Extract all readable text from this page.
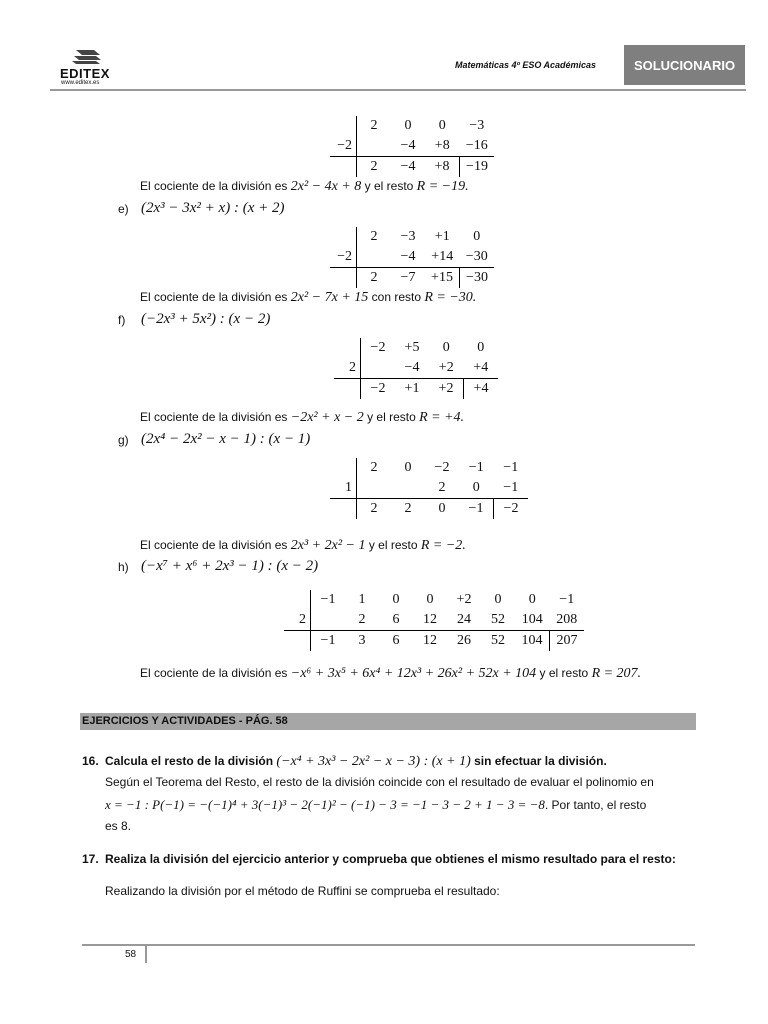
EDITEX
www.editex.es
Matemáticas 4º ESO Académicas	SOLUCIONARIO
	2	0	0	−3
−2		−4	+8	−16
	2	−4	+8	−19
El cociente de la división es 2x² − 4x + 8 y el resto R = −19.
e) (2x³ − 3x² + x) : (x + 2)
	2	−3	+1	0
−2		−4	+14	−30
	2	−7	+15	−30
El cociente de la división es 2x² − 7x + 15 con resto R = −30.
f) (−2x³ + 5x²) : (x − 2)
	−2	+5	0	0
2		−4	+2	+4
	−2	+1	+2	+4
El cociente de la división es −2x² + x − 2 y el resto R = +4.
g) (2x⁴ − 2x² − x − 1) : (x − 1)
	2	0	−2	−1	−1
1			2	0	−1
	2	2	0	−1	−2
El cociente de la división es 2x³ + 2x² − 1 y el resto R = −2.
h) (−x⁷ + x⁶ + 2x³ − 1) : (x − 2)
	−1	1	0	0	+2	0	0	−1
2		2	6	12	24	52	104	208
	−1	3	6	12	26	52	104	207
El cociente de la división es −x⁶ + 3x⁵ + 6x⁴ + 12x³ + 26x² + 52x + 104 y el resto R = 207.
EJERCICIOS Y ACTIVIDADES - PÁG. 58
16. Calcula el resto de la división (−x⁴ + 3x³ − 2x² − x − 3) : (x + 1) sin efectuar la división.
Según el Teorema del Resto, el resto de la división coincide con el resultado de evaluar el polinomio en
x = −1 : P(−1) = −(−1)⁴ + 3(−1)³ − 2(−1)² − (−1) − 3 = −1 − 3 − 2 + 1 − 3 = −8. Por tanto, el resto
es 8.
17. Realiza la división del ejercicio anterior y comprueba que obtienes el mismo resultado para el resto:
Realizando la división por el método de Ruffini se comprueba el resultado:
58
